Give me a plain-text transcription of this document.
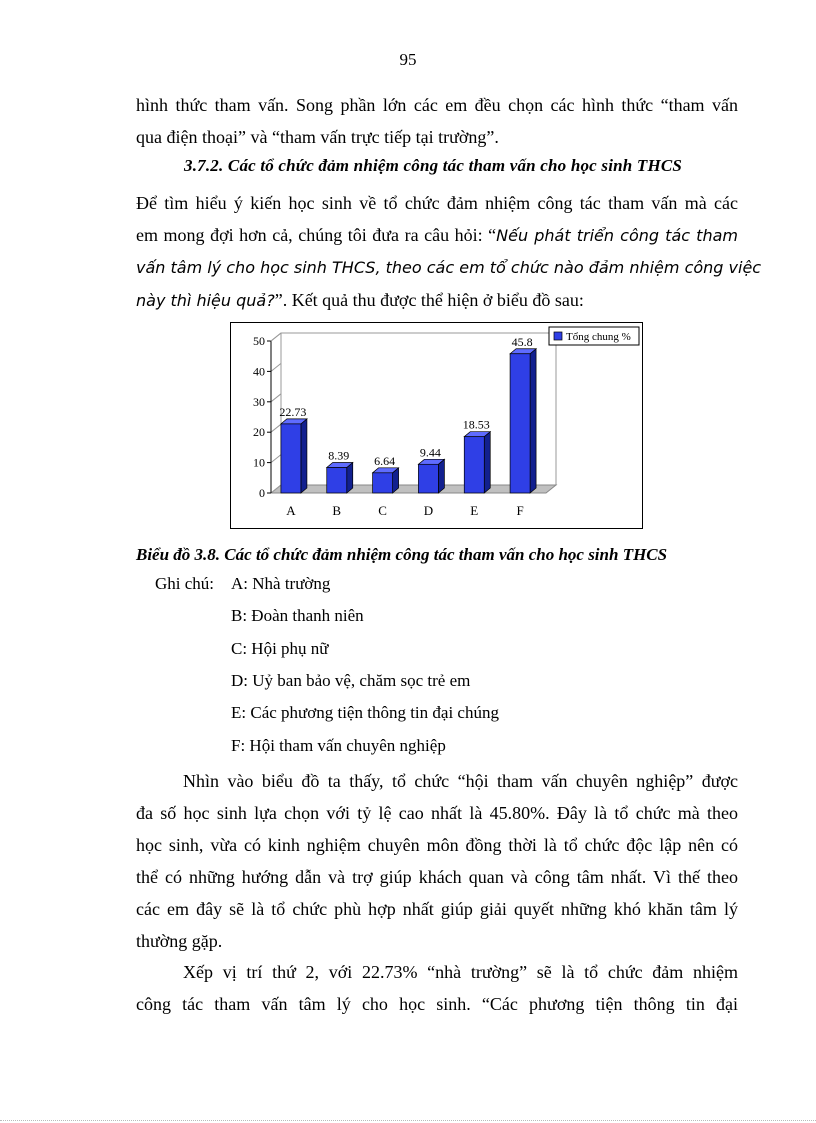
95
hình thức tham vấn. Song phần lớn các em đều chọn các hình thức “tham vấn
qua điện thoại” và “tham vấn trực tiếp tại trường”.
3.7.2. Các tổ chức đảm nhiệm công tác tham vấn cho học sinh THCS
Để tìm hiểu ý kiến học sinh về tổ chức đảm nhiệm công tác tham vấn mà các
em mong đợi hơn cả, chúng tôi đưa ra câu hỏi: “Nếu phát triển công tác tham
vấn tâm lý cho học sinh THCS, theo các em tổ chức nào đảm nhiệm công việc
này thì hiệu quả?”. Kết quả thu được thể hiện ở biểu đồ sau:
0
10
20
30
40
50
22.73
A
8.39
B
6.64
C
9.44
D
18.53
E
45.8
F
Tổng chung %
Biểu đồ 3.8. Các tổ chức đảm nhiệm công tác tham vấn cho học sinh THCS
Ghi chú: A: Nhà trường
B: Đoàn thanh niên
C: Hội phụ nữ
D: Uỷ ban bảo vệ, chăm sọc trẻ em
E: Các phương tiện thông tin đại chúng
F: Hội tham vấn chuyên nghiệp
Nhìn vào biểu đồ ta thấy, tổ chức “hội tham vấn chuyên nghiệp” được
đa số học sinh lựa chọn với tỷ lệ cao nhất là 45.80%. Đây là tổ chức mà theo
học sinh, vừa có kinh nghiệm chuyên môn đồng thời là tổ chức độc lập nên có
thể có những hướng dẫn và trợ giúp khách quan và công tâm nhất. Vì thế theo
các em đây sẽ là tổ chức phù hợp nhất giúp giải quyết những khó khăn tâm lý
thường gặp.
Xếp vị trí thứ 2, với 22.73% “nhà trường” sẽ là tổ chức đảm nhiệm
công tác tham vấn tâm lý cho học sinh. “Các phương tiện thông tin đại
